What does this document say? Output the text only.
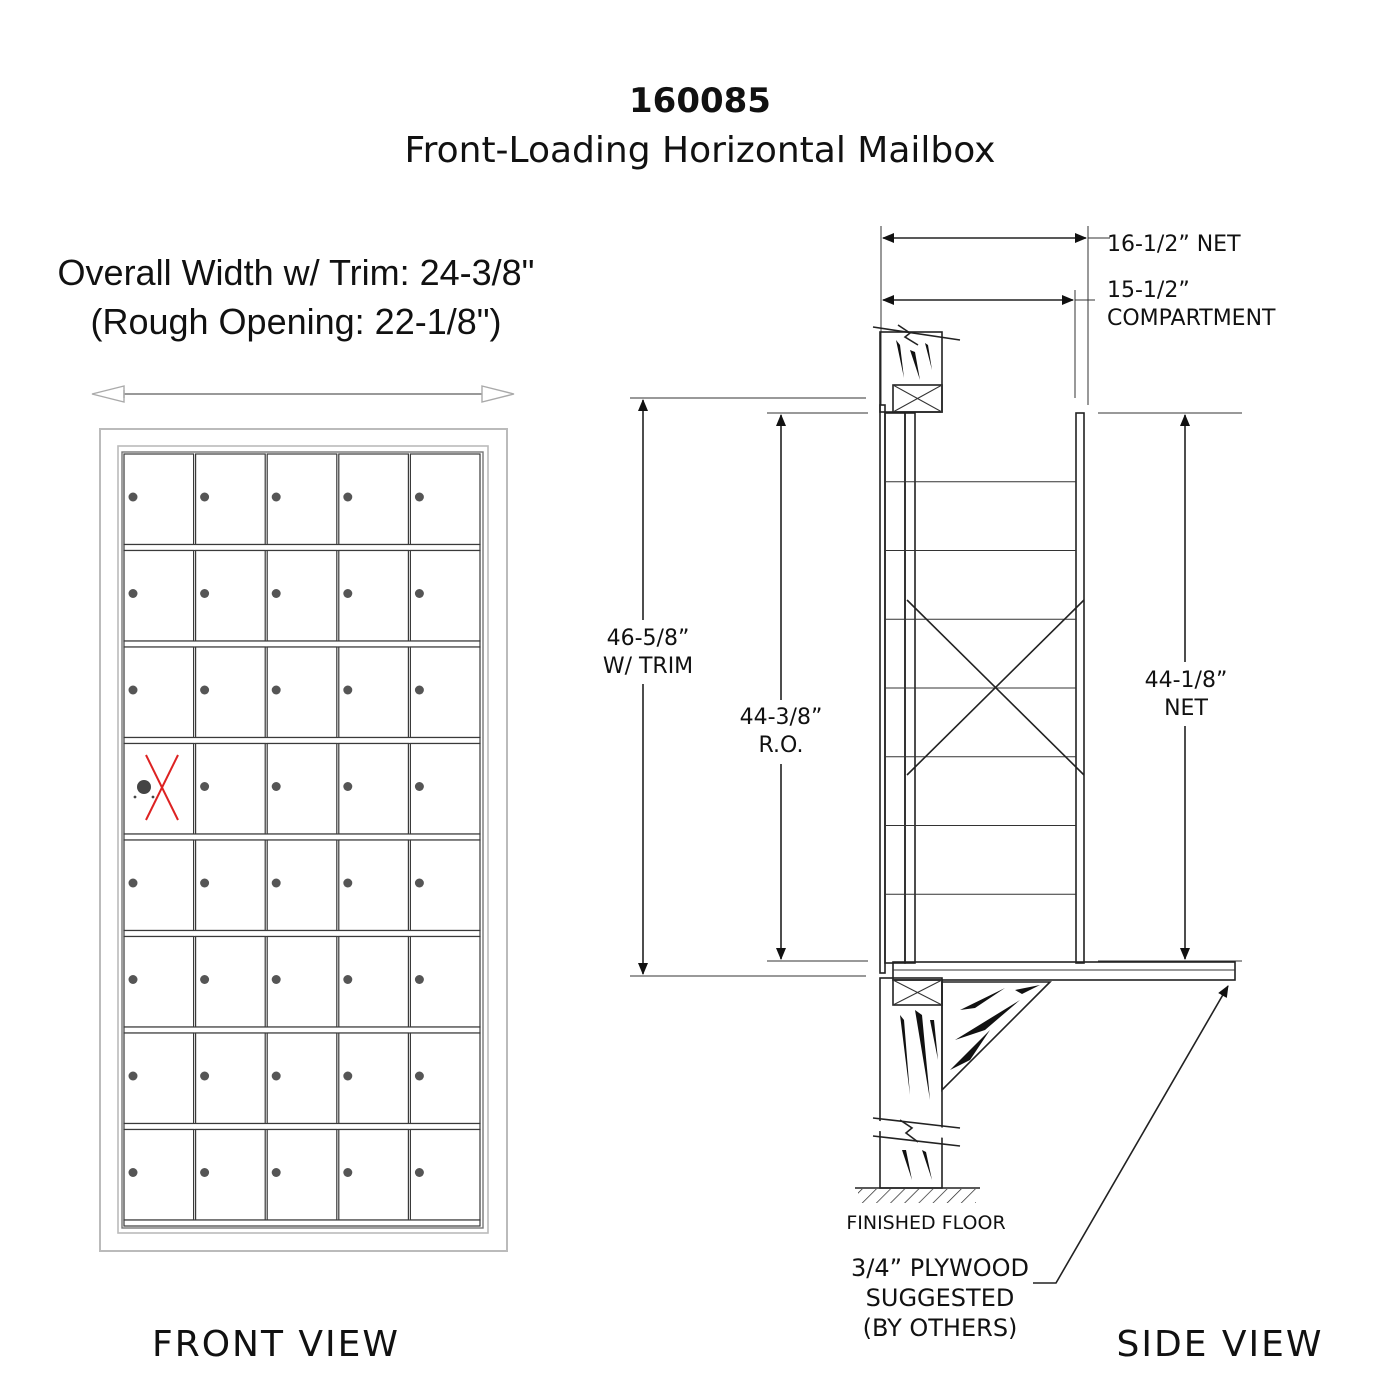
160085
Front-Loading Horizontal Mailbox
Overall Width w/ Trim: 24-3/8"
(Rough Opening: 22-1/8")
FRONT VIEW
16-1/2” NET
15-1/2”
COMPARTMENT
46-5/8”
W/ TRIM
44-3/8”
R.O.
44-1/8”
NET
FINISHED FLOOR
3/4” PLYWOOD
SUGGESTED
(BY OTHERS)	SIDE VIEW
